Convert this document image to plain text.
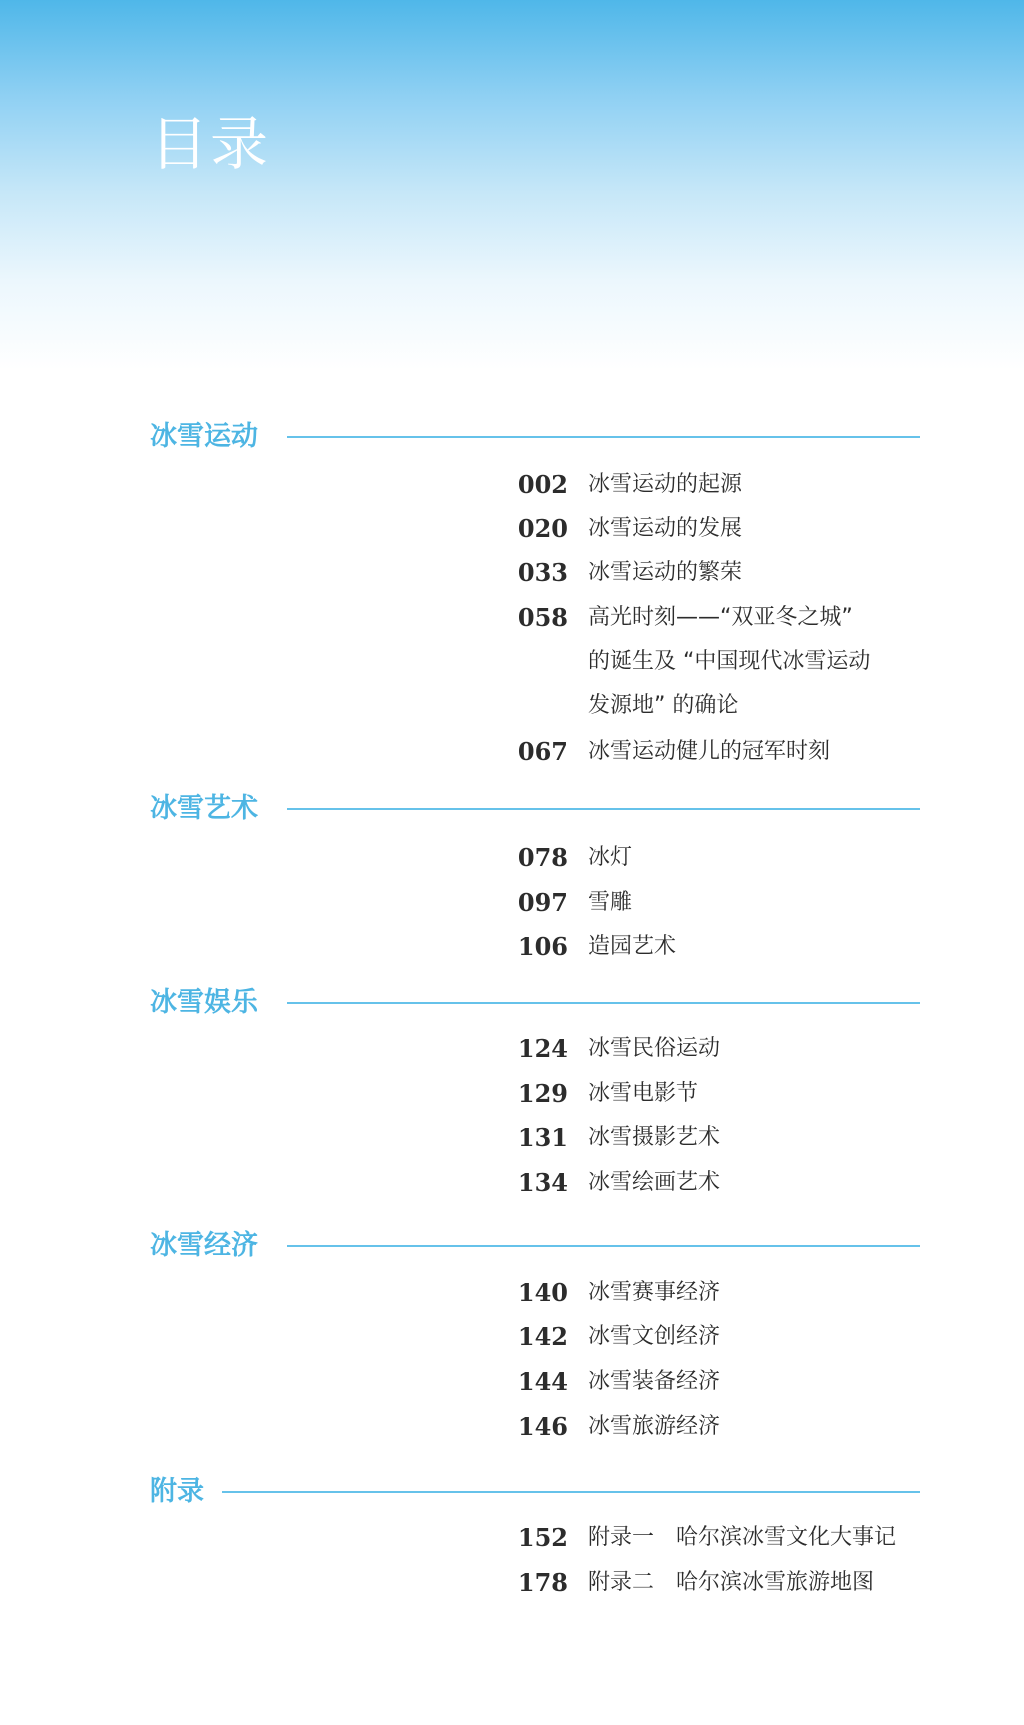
目录
冰雪运动
002 冰雪运动的起源
020 冰雪运动的发展
033 冰雪运动的繁荣
058 高光时刻——“双亚冬之城”
的诞生及 “中国现代冰雪运动
发源地” 的确论
067 冰雪运动健儿的冠军时刻
冰雪艺术
078 冰灯
097 雪雕
106 造园艺术
冰雪娱乐
124 冰雪民俗运动
129 冰雪电影节
131 冰雪摄影艺术
134 冰雪绘画艺术
冰雪经济
140 冰雪赛事经济
142 冰雪文创经济
144 冰雪装备经济
146 冰雪旅游经济
附录
152 附录一　哈尔滨冰雪文化大事记
178 附录二　哈尔滨冰雪旅游地图
